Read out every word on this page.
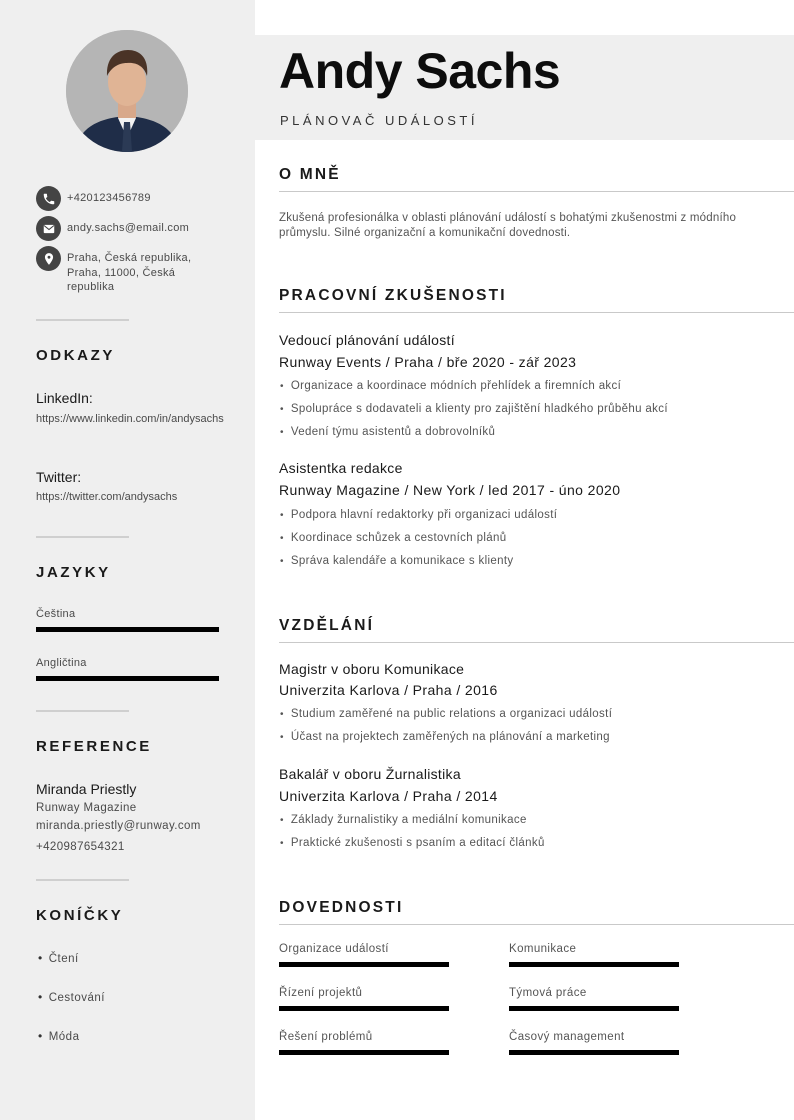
+420123456789
andy.sachs@email.com
Praha, Česká republika, Praha, 11000, Česká republika
ODKAZY
LinkedIn:
https://www.linkedin.com/in/andysachs
Twitter:
https://twitter.com/andysachs
JAZYKY
Čeština
Angličtina
REFERENCE
Miranda Priestly
Runway Magazine
miranda.priestly@runway.com
+420987654321
KONÍČKY
• Čtení
• Cestování
• Móda
Andy Sachs
PLÁNOVAČ UDÁLOSTÍ
O MNĚ
Zkušená profesionálka v oblasti plánování událostí s bohatými zkušenostmi z módního průmyslu. Silné organizační a komunikační dovednosti.
PRACOVNÍ ZKUŠENOSTI
Vedoucí plánování událostí
Runway Events / Praha / bře 2020 - zář 2023
• Organizace a koordinace módních přehlídek a firemních akcí
• Spolupráce s dodavateli a klienty pro zajištění hladkého průběhu akcí
• Vedení týmu asistentů a dobrovolníků
Asistentka redakce
Runway Magazine / New York / led 2017 - úno 2020
• Podpora hlavní redaktorky při organizaci událostí
• Koordinace schůzek a cestovních plánů
• Správa kalendáře a komunikace s klienty
VZDĚLÁNÍ
Magistr v oboru Komunikace
Univerzita Karlova / Praha / 2016
• Studium zaměřené na public relations a organizaci událostí
• Účast na projektech zaměřených na plánování a marketing
Bakalář v oboru Žurnalistika
Univerzita Karlova / Praha / 2014
• Základy žurnalistiky a mediální komunikace
• Praktické zkušenosti s psaním a editací článků
DOVEDNOSTI
Organizace událostí	Komunikace
Řízení projektů	Týmová práce
Řešení problémů	Časový management
